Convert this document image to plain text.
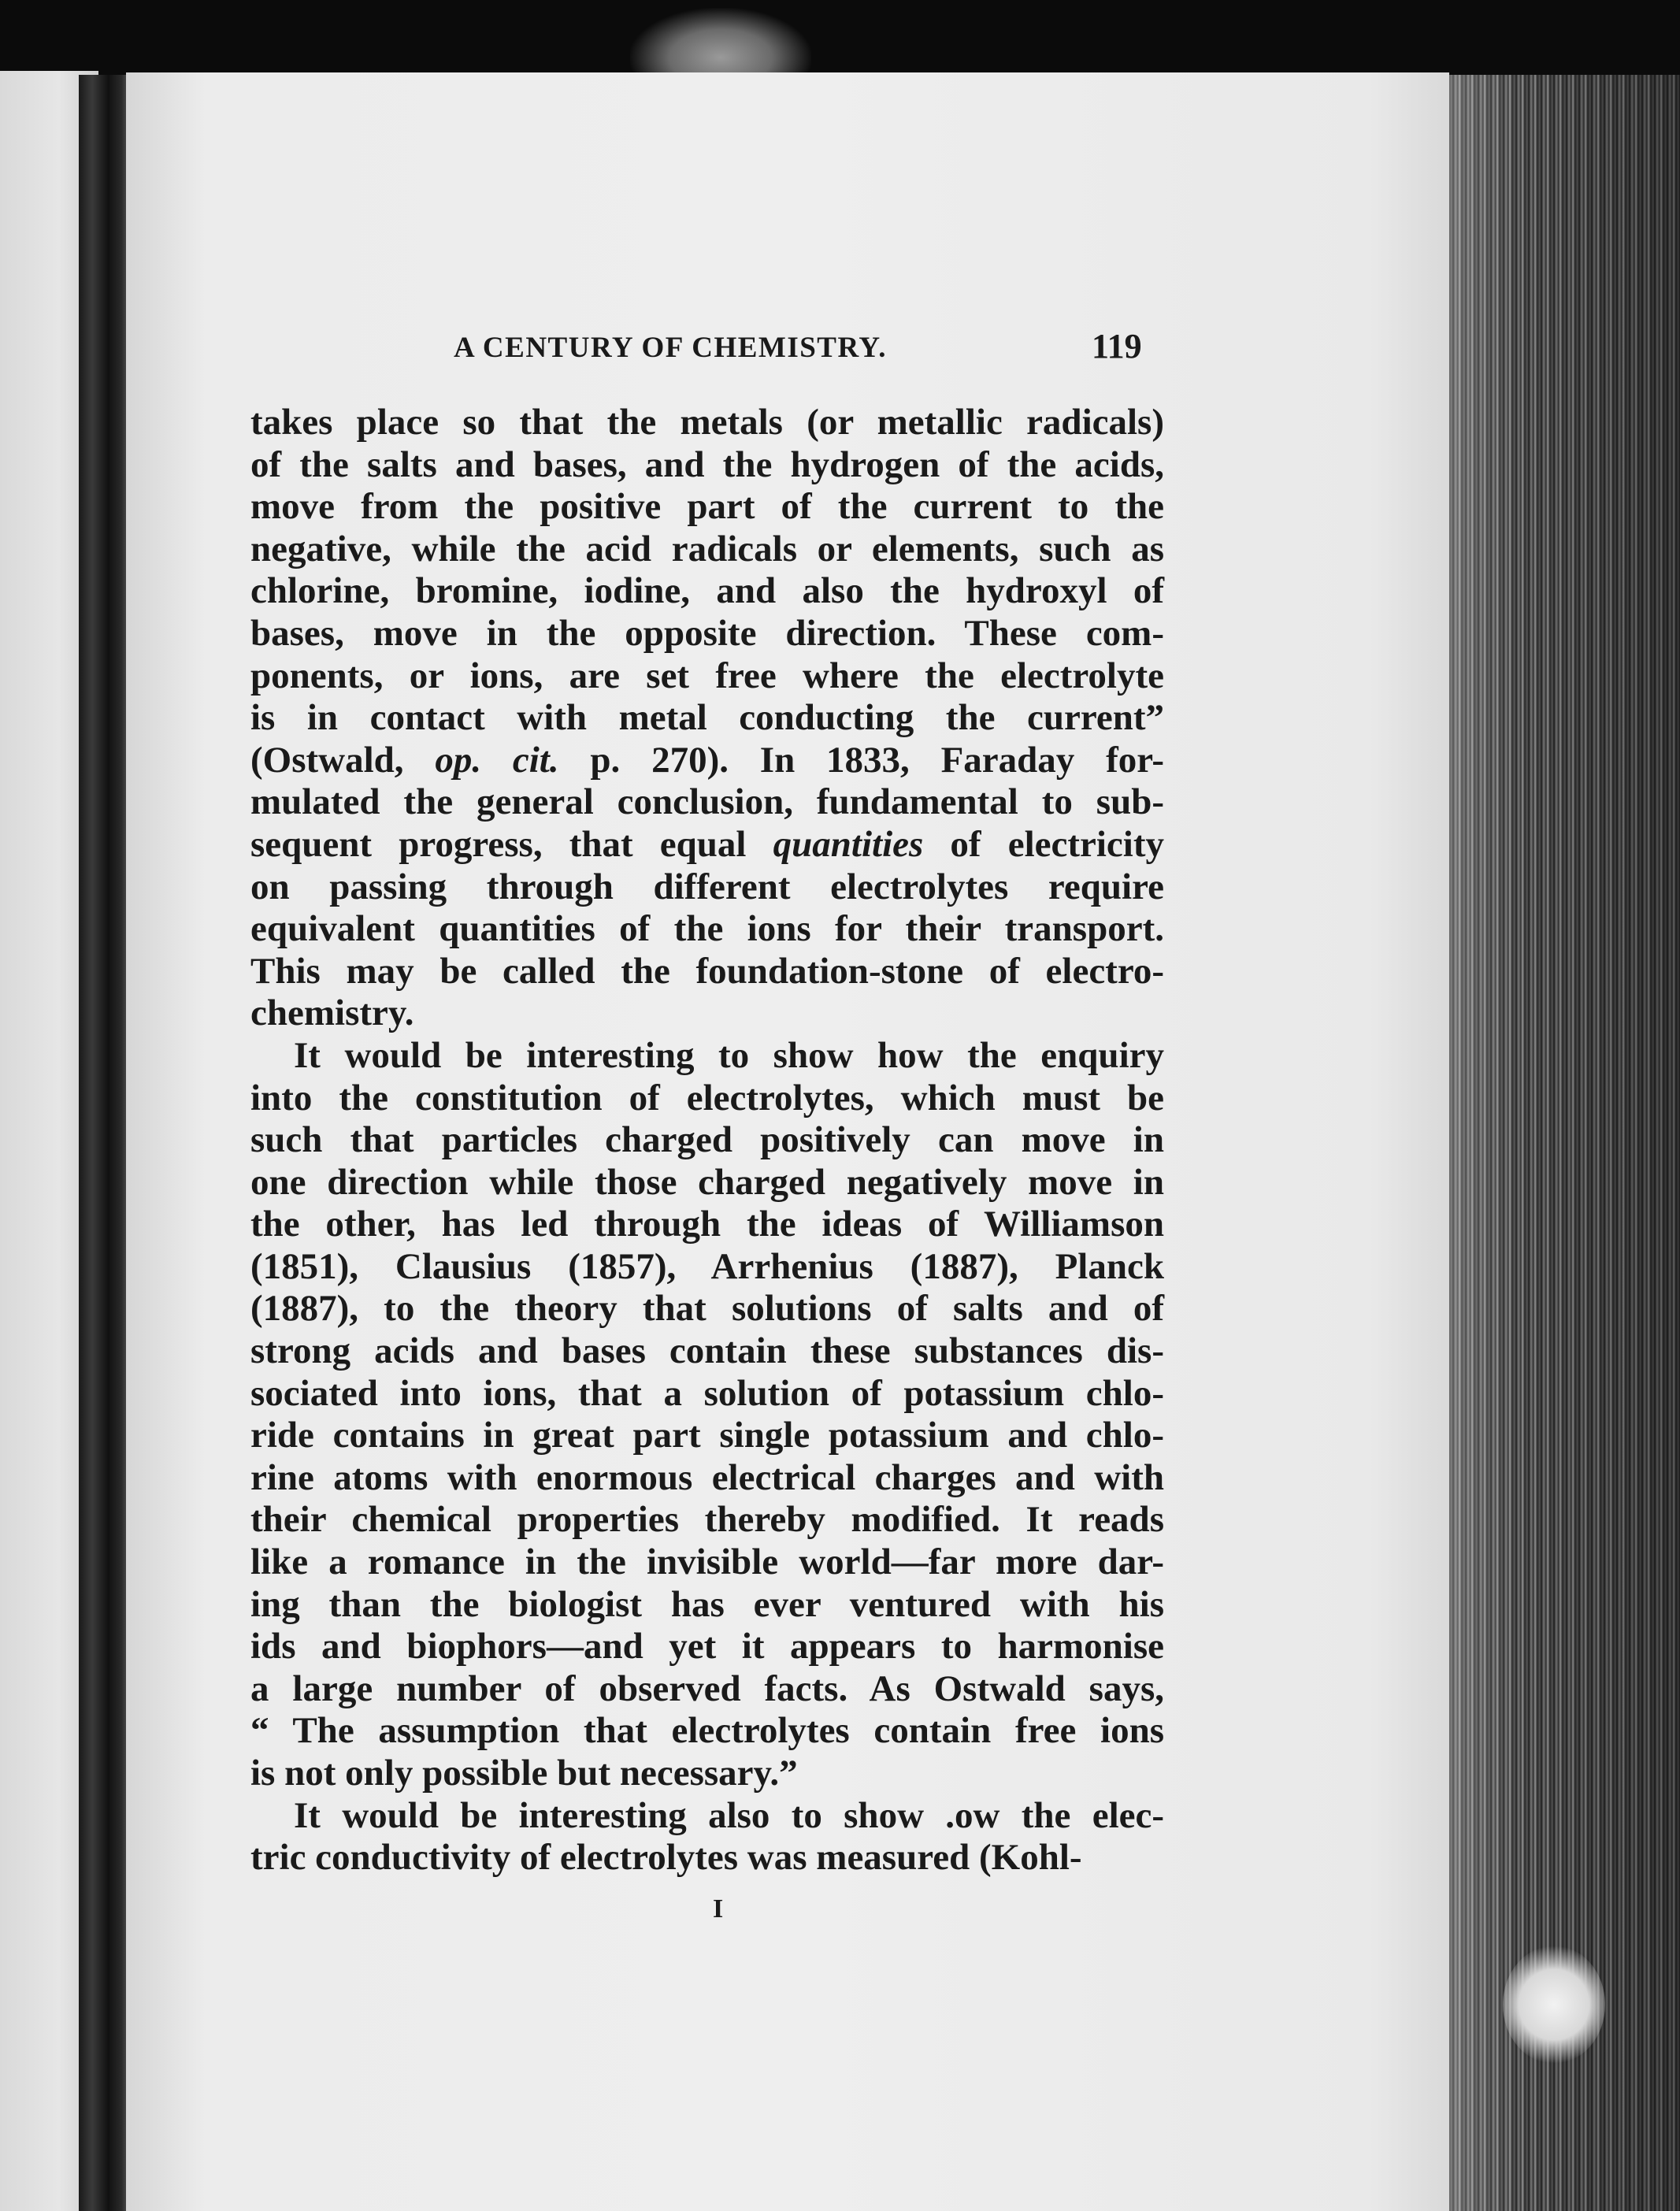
A CENTURY OF CHEMISTRY.	119
takes place so that the metals (or metallic radicals)
of the salts and bases, and the hydrogen of the acids,
move from the positive part of the current to the
negative, while the acid radicals or elements, such as
chlorine, bromine, iodine, and also the hydroxyl of
bases, move in the opposite direction. These com-
ponents, or ions, are set free where the electrolyte
is in contact with metal conducting the current”
(Ostwald, op. cit. p. 270). In 1833, Faraday for-
mulated the general conclusion, fundamental to sub-
sequent progress, that equal quantities of electricity
on passing through different electrolytes require
equivalent quantities of the ions for their transport.
This may be called the foundation-stone of electro-
chemistry.
It would be interesting to show how the enquiry
into the constitution of electrolytes, which must be
such that particles charged positively can move in
one direction while those charged negatively move in
the other, has led through the ideas of Williamson
(1851), Clausius (1857), Arrhenius (1887), Planck
(1887), to the theory that solutions of salts and of
strong acids and bases contain these substances dis-
sociated into ions, that a solution of potassium chlo-
ride contains in great part single potassium and chlo-
rine atoms with enormous electrical charges and with
their chemical properties thereby modified. It reads
like a romance in the invisible world—far more dar-
ing than the biologist has ever ventured with his
ids and biophors—and yet it appears to harmonise
a large number of observed facts. As Ostwald says,
“ The assumption that electrolytes contain free ions
is not only possible but necessary.”
It would be interesting also to show .ow the elec-
tric conductivity of electrolytes was measured (Kohl-
I
